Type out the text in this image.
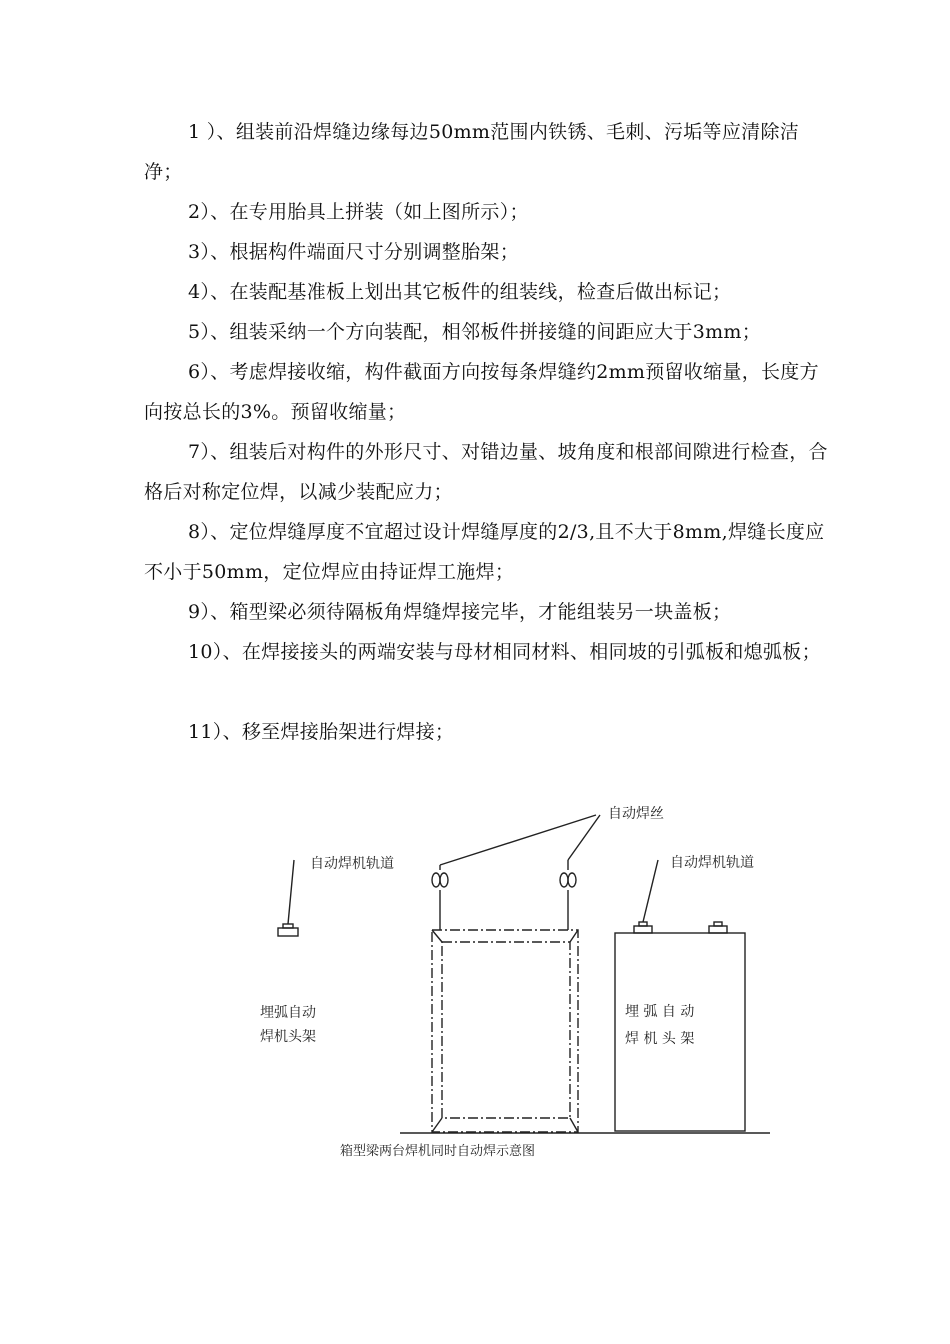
1 ）、组装前沿焊缝边缘每边50mm范围内铁锈、毛刺、污垢等应清除洁净；

2）、在专用胎具上拼装（如上图所示）；

3）、根据构件端面尺寸分别调整胎架；

4）、在装配基准板上划出其它板件的组装线，检查后做出标记；

5）、组装采纳一个方向装配，相邻板件拼接缝的间距应大于3mm；

6）、考虑焊接收缩，构件截面方向按每条焊缝约2mm预留收缩量，长度方向按总长的3%。预留收缩量；

7）、组装后对构件的外形尺寸、对错边量、坡角度和根部间隙进行检查，合格后对称定位焊，以减少装配应力；

8）、定位焊缝厚度不宜超过设计焊缝厚度的2/3,且不大于8mm,焊缝长度应不小于50mm，定位焊应由持证焊工施焊；

9）、箱型梁必须待隔板角焊缝焊接完毕，才能组装另一块盖板；

10）、在焊接接头的两端安装与母材相同材料、相同坡的引弧板和熄弧板；

11）、移至焊接胎架进行焊接；

自动焊丝
自动焊机轨道	自动焊机轨道
埋弧自动
焊机头架
埋 弧 自 动
焊 机 头 架
箱型梁两台焊机同时自动焊示意图
